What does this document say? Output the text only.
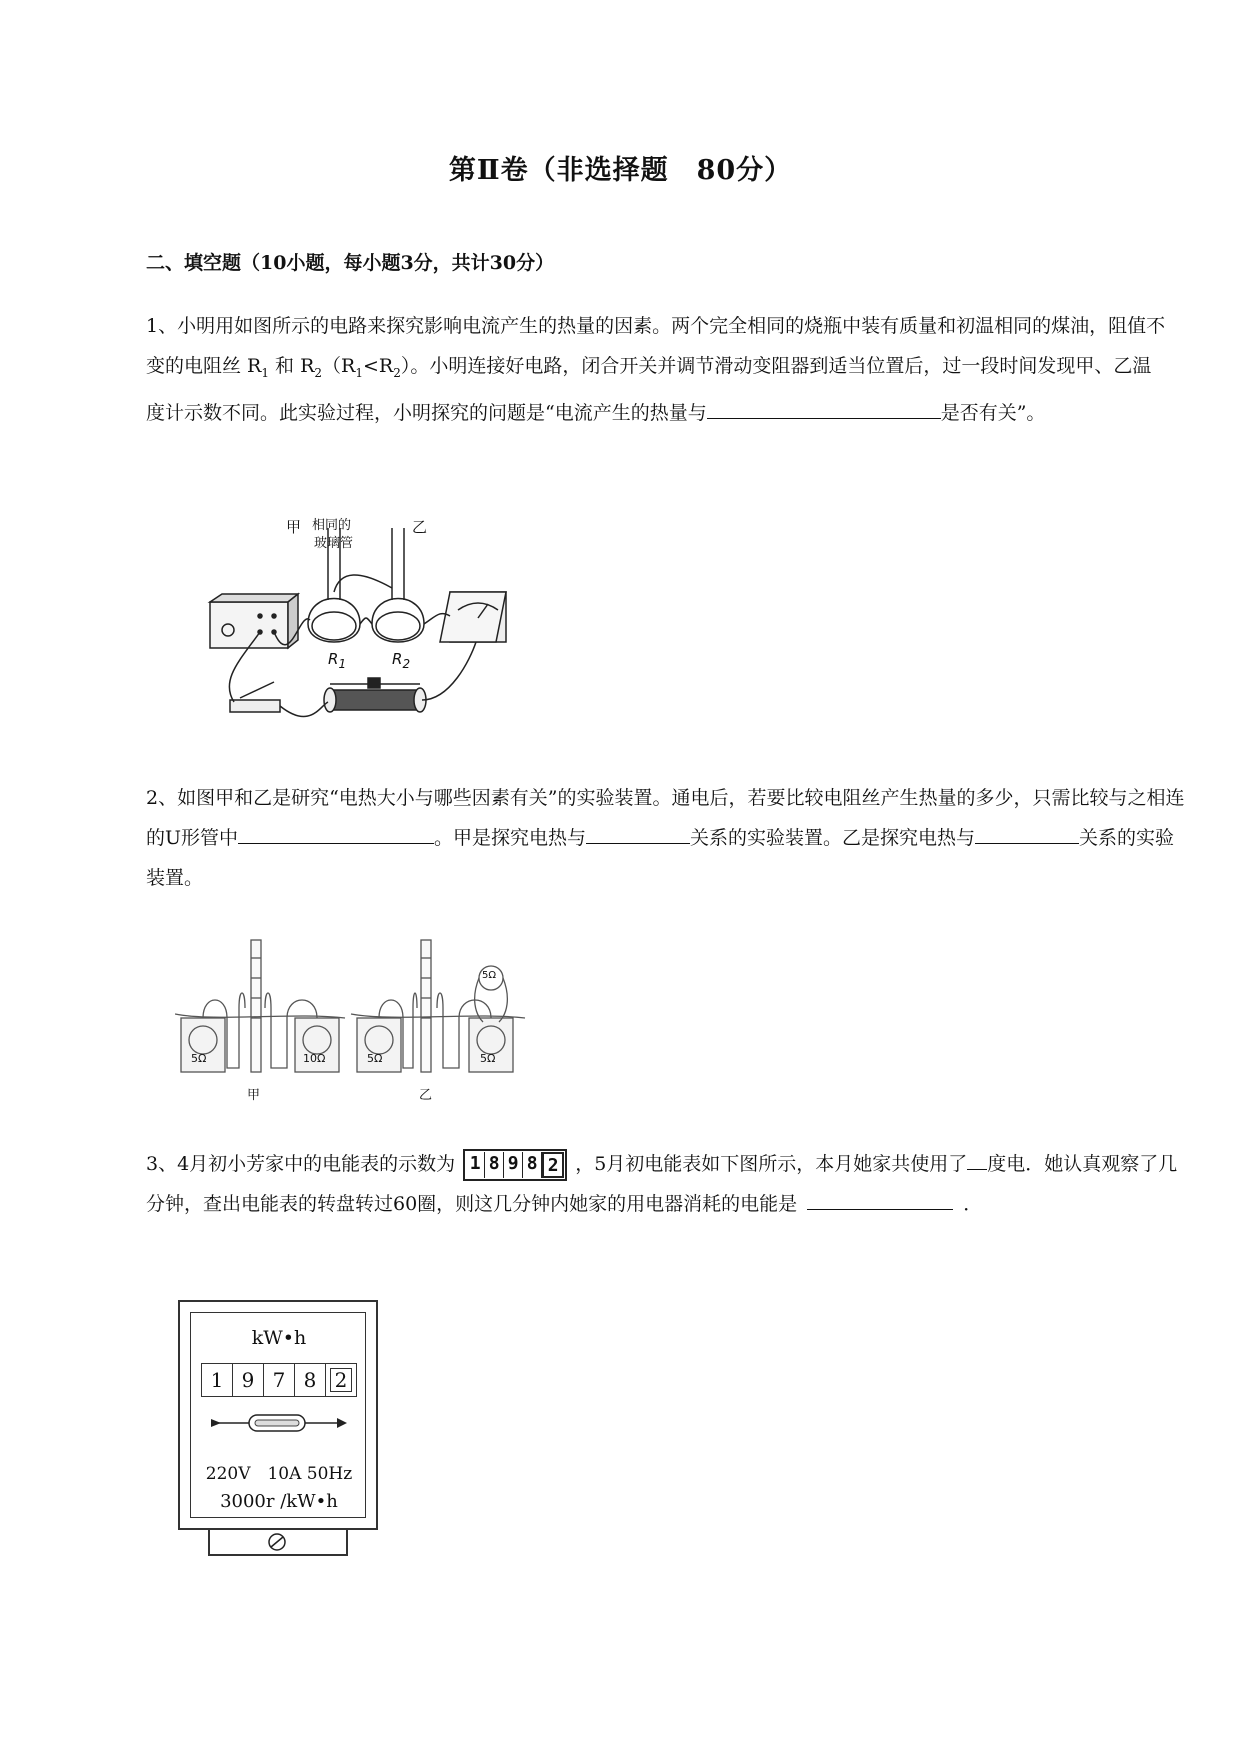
第Ⅱ卷（非选择题　80分）
二、填空题（10小题，每小题3分，共计30分）
1、小明用如图所示的电路来探究影响电流产生的热量的因素。两个完全相同的烧瓶中装有质量和初温相同的煤油，阻值不变的电阻丝 $R_1$ 和 $R_2(R_1<R_2)$。小明连接好电路，闭合开关并调节滑动变阻器到适当位置后，过一段时间发现甲、乙温度计示数不同。此实验过程，小明探究的问题是“电流产生的热量与	是否有关”。
甲 相同的
玻璃管
乙
$R_1$	$R_2$
2、如图甲和乙是研究“电热大小与哪些因素有关”的实验装置。通电后，若要比较电阻丝产生热量的多少，只需比较与之相连的U形管中	。甲是探究电热与	关系的实验装置。乙是探究电热与	关系的实验装置。
5Ω	10Ω	5Ω	5Ω
5Ω
甲	乙
3、4月初小芳家中的电能表的示数为 1 8 9 8 2 ，5月初电能表如下图所示，本月她家共使用了 度电．她认真观察了几分钟，查出电能表的转盘转过60圈，则这几分钟内她家的用电器消耗的电能是	．
kW•h
1 9 7 8 2
220V　10A 50Hz
3000r /kW•h
